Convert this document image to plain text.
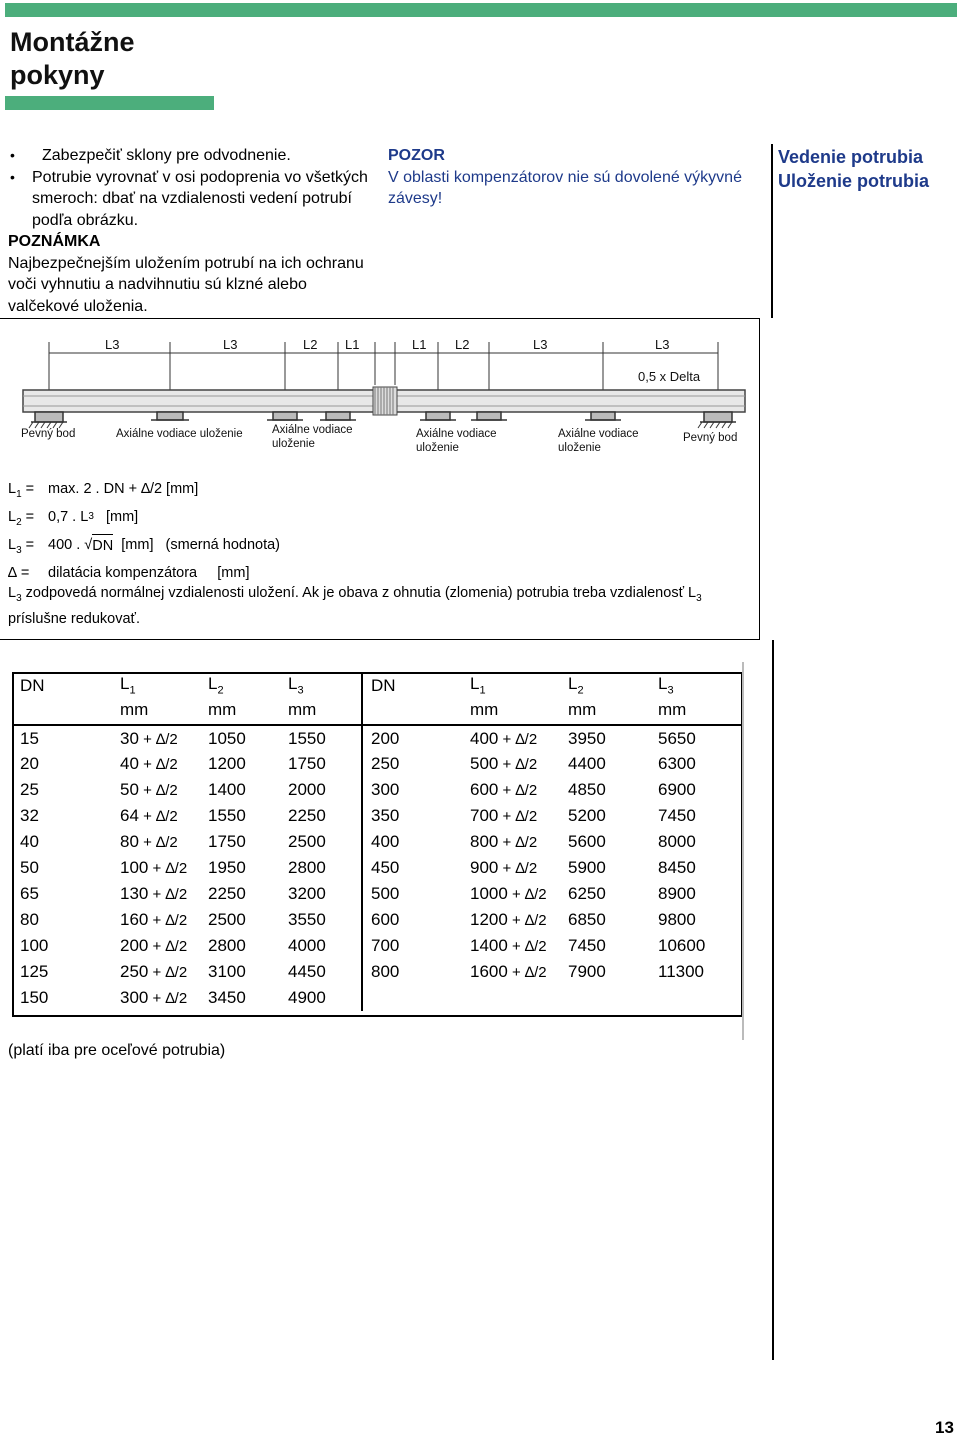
Montážne
pokyny
• Zabezpečiť sklony pre odvodnenie.
• Potrubie vyrovnať v osi podoprenia vo všetkých smeroch: dbať na vzdialenosti vedení potrubí podľa obrázku.
POZNÁMKA
Najbezpečnejším uložením potrubí na ich ochranu voči vyhnutiu a nadvihnutiu sú klzné alebo valčekové uloženia.
POZOR
V oblasti kompenzátorov nie sú dovolené výkyvné závesy!
Vedenie potrubia
Uloženie potrubia
L3	L3	L2 L1	L1 L2	L3	L3
0,5 x Delta
Pevný bod	Axiálne vodiace uloženie	Axiálne vodiace
uloženie
Axiálne vodiace
uloženie
Axiálne vodiace
uloženie
Pevný bod
$L_1 = \max$. 2 . DN + ∆/2 [mm]
$L_2 = 0,7$ . L 3 [mm]
$L_3 = 400$ . √ DN [mm]   (smerná hodnota)
∆ =	dilatácia kompenzátora     [mm]
$L_3$ zodpovedá normálnej vzdialenosti uložení. Ak je obava z ohnutia (zlomenia) potrubia treba vzdialenosť $L_3$ príslušne redukovať.
DN	$L_1$	$L_2$	$L_3$	DN	$L_1$	$L_2$	$L_3$
	mm	mm	mm		mm	mm	mm
15	30 + ∆/2	1050	1550	200	400 + ∆/2	3950	5650
20	40 + ∆/2	1200	1750	250	500 + ∆/2	4400	6300
25	50 + ∆/2	1400	2000	300	600 + ∆/2	4850	6900
32	64 + ∆/2	1550	2250	350	700 + ∆/2	5200	7450
40	80 + ∆/2	1750	2500	400	800 + ∆/2	5600	8000
50	100 + ∆/2	1950	2800	450	900 + ∆/2	5900	8450
65	130 + ∆/2	2250	3200	500	1000 + ∆/2	6250	8900
80	160 + ∆/2	2500	3550	600	1200 + ∆/2	6850	9800
100	200 + ∆/2	2800	4000	700	1400 + ∆/2	7450	10600
125	250 + ∆/2	3100	4450	800	1600 + ∆/2	7900	11300
150	300 + ∆/2	3450	4900				
(platí iba pre oceľové potrubia)
13
